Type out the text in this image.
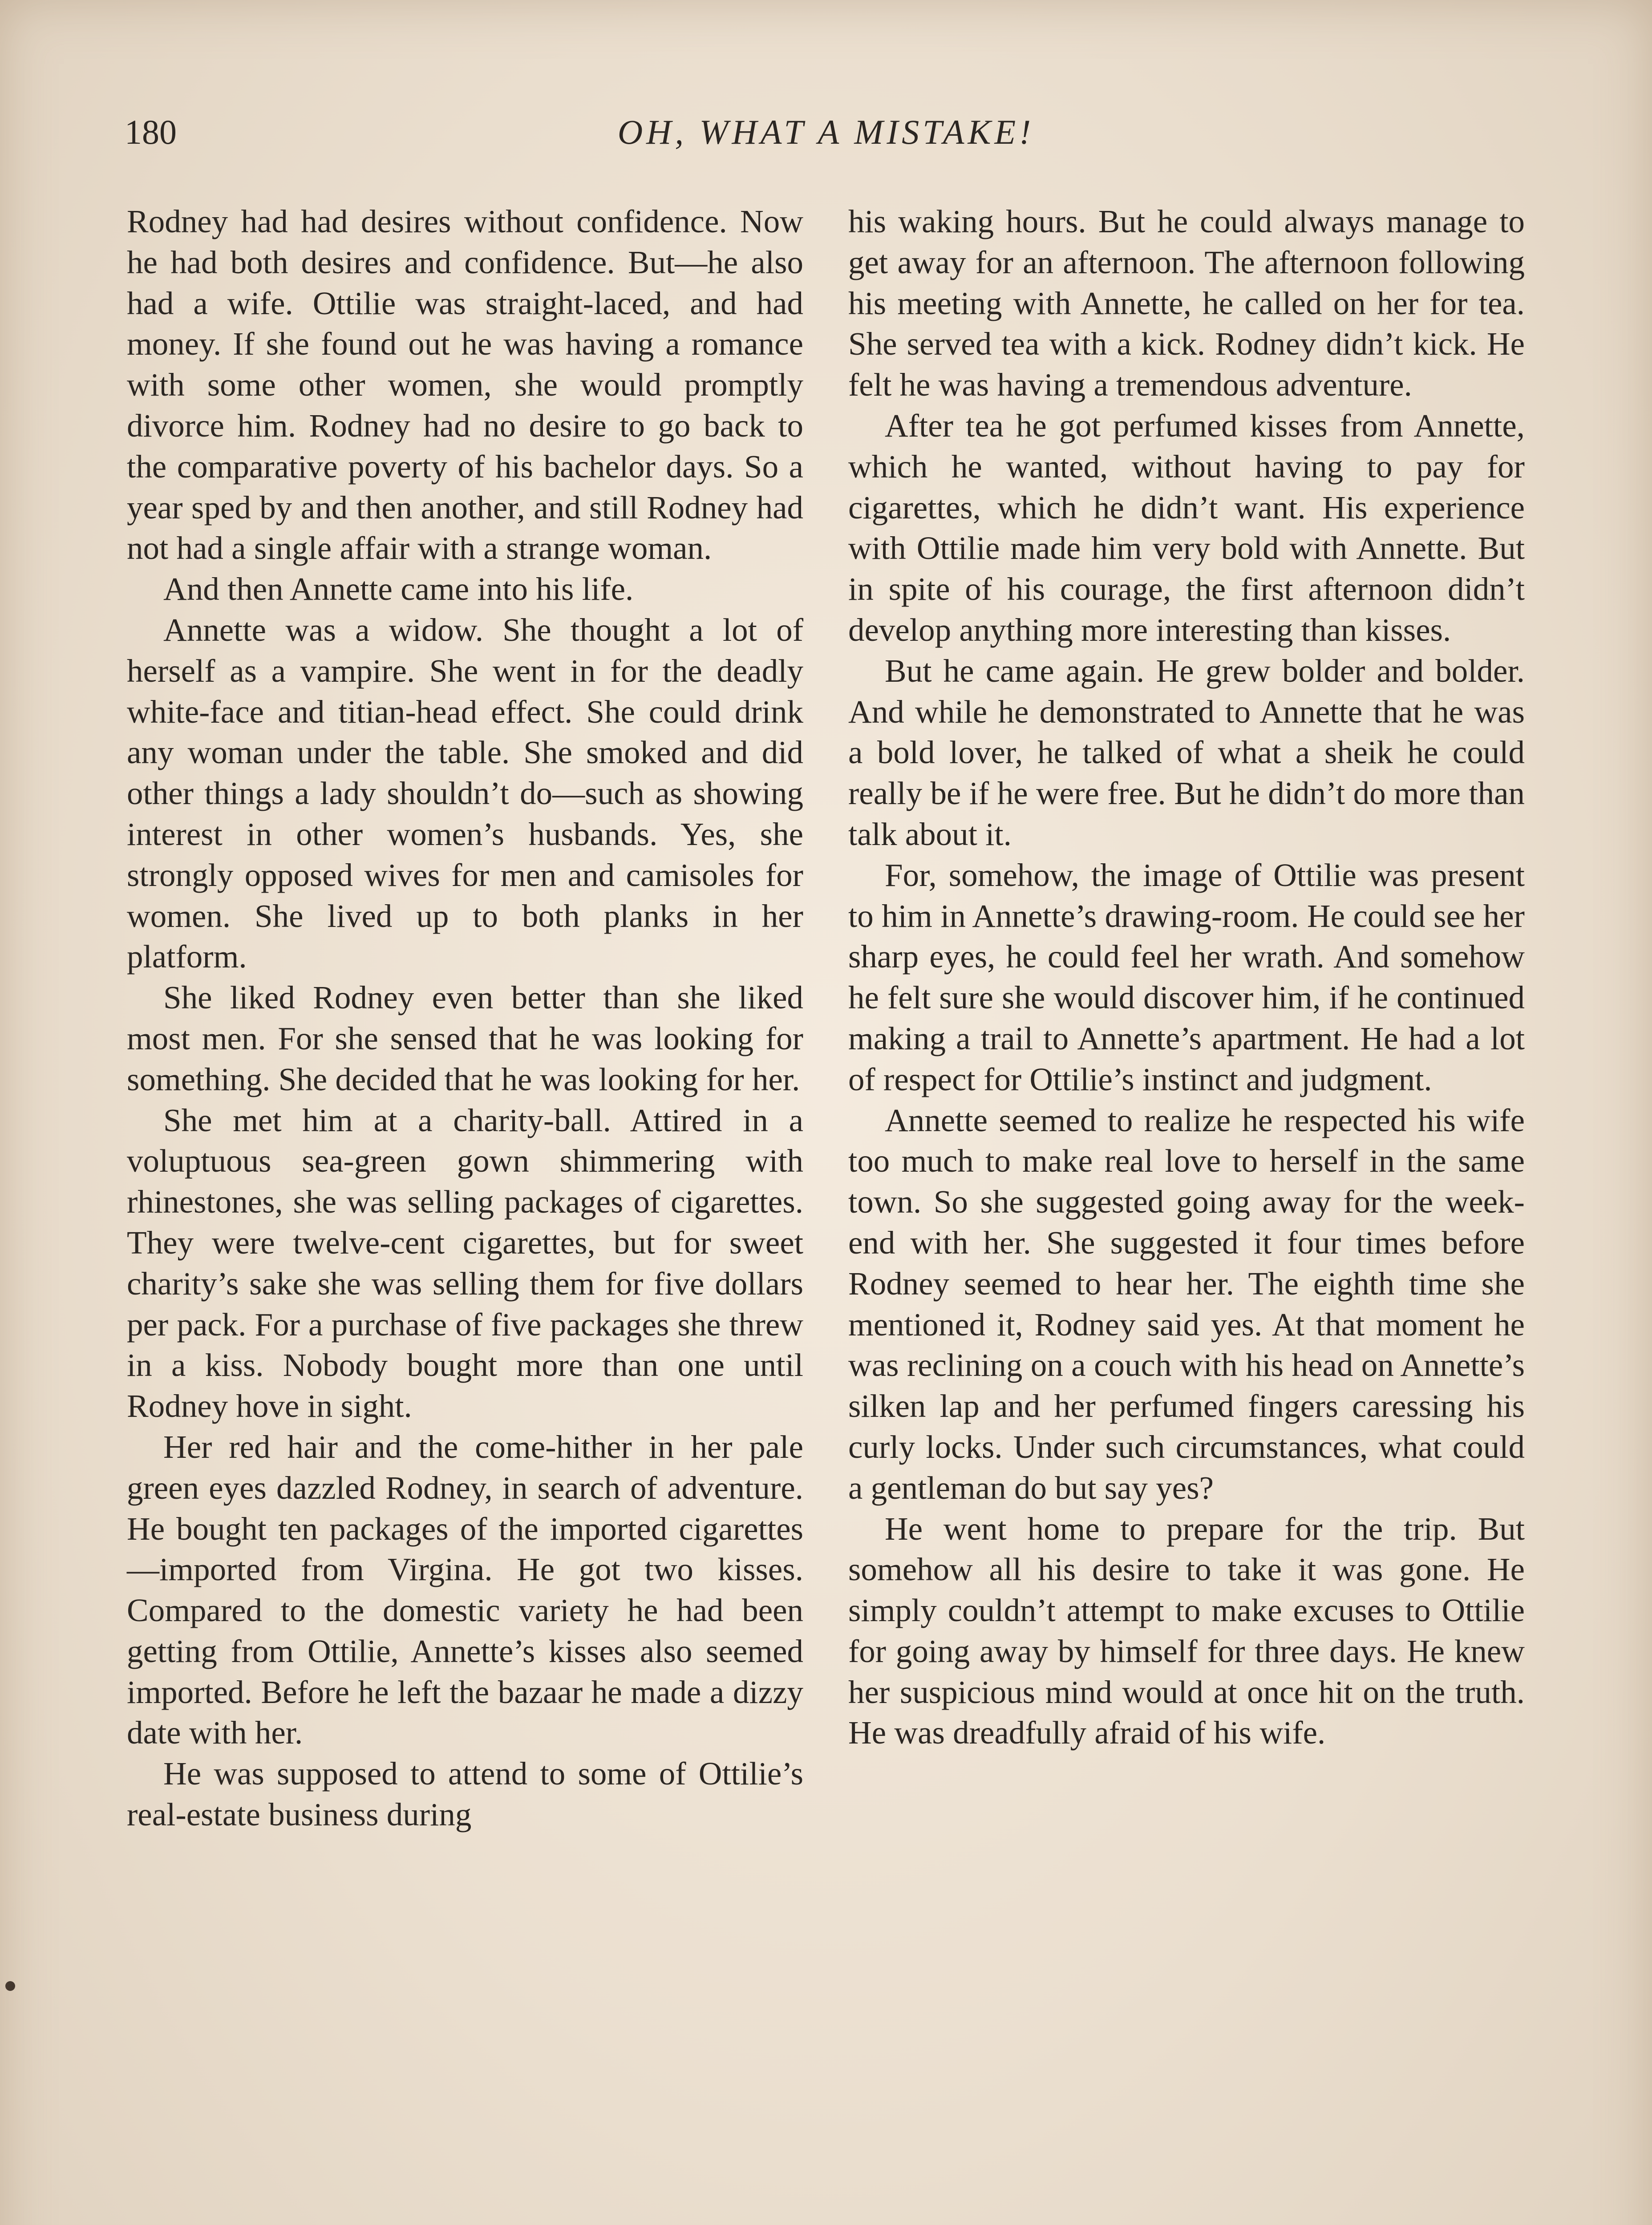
180	OH, WHAT A MISTAKE!

Rodney had had desires without confidence. Now he had both desires and confidence. But—he also had a wife. Ottilie was straight-laced, and had money. If she found out he was having a romance with some other women, she would promptly divorce him. Rodney had no desire to go back to the comparative poverty of his bachelor days. So a year sped by and then another, and still Rodney had not had a single affair with a strange woman.

And then Annette came into his life.

Annette was a widow. She thought a lot of herself as a vampire. She went in for the deadly white-face and titian-head effect. She could drink any woman under the table. She smoked and did other things a lady shouldn’t do—such as showing interest in other women’s husbands. Yes, she strongly opposed wives for men and camisoles for women. She lived up to both planks in her platform.

She liked Rodney even better than she liked most men. For she sensed that he was looking for something. She decided that he was looking for her.

She met him at a charity-ball. Attired in a voluptuous sea-green gown shimmering with rhinestones, she was selling packages of cigarettes. They were twelve-cent cigarettes, but for sweet charity’s sake she was selling them for five dollars per pack. For a purchase of five packages she threw in a kiss. Nobody bought more than one until Rodney hove in sight.

Her red hair and the come-hither in her pale green eyes dazzled Rodney, in search of adventure. He bought ten packages of the imported cigarettes—imported from Virgina. He got two kisses. Compared to the domestic variety he had been getting from Ottilie, Annette’s kisses also seemed imported. Before he left the bazaar he made a dizzy date with her.

He was supposed to attend to some of Ottilie’s real-estate business during

his waking hours. But he could always manage to get away for an afternoon. The afternoon following his meeting with Annette, he called on her for tea. She served tea with a kick. Rodney didn’t kick. He felt he was having a tremendous adventure.

After tea he got perfumed kisses from Annette, which he wanted, without having to pay for cigarettes, which he didn’t want. His experience with Ottilie made him very bold with Annette. But in spite of his courage, the first afternoon didn’t develop anything more interesting than kisses.

But he came again. He grew bolder and bolder. And while he demonstrated to Annette that he was a bold lover, he talked of what a sheik he could really be if he were free. But he didn’t do more than talk about it.

For, somehow, the image of Ottilie was present to him in Annette’s drawing-room. He could see her sharp eyes, he could feel her wrath. And somehow he felt sure she would discover him, if he continued making a trail to Annette’s apartment. He had a lot of respect for Ottilie’s instinct and judgment.

Annette seemed to realize he respected his wife too much to make real love to herself in the same town. So she suggested going away for the week-end with her. She suggested it four times before Rodney seemed to hear her. The eighth time she mentioned it, Rodney said yes. At that moment he was reclining on a couch with his head on Annette’s silken lap and her perfumed fingers caressing his curly locks. Under such circumstances, what could a gentleman do but say yes?

He went home to prepare for the trip. But somehow all his desire to take it was gone. He simply couldn’t attempt to make excuses to Ottilie for going away by himself for three days. He knew her suspicious mind would at once hit on the truth. He was dreadfully afraid of his wife.
